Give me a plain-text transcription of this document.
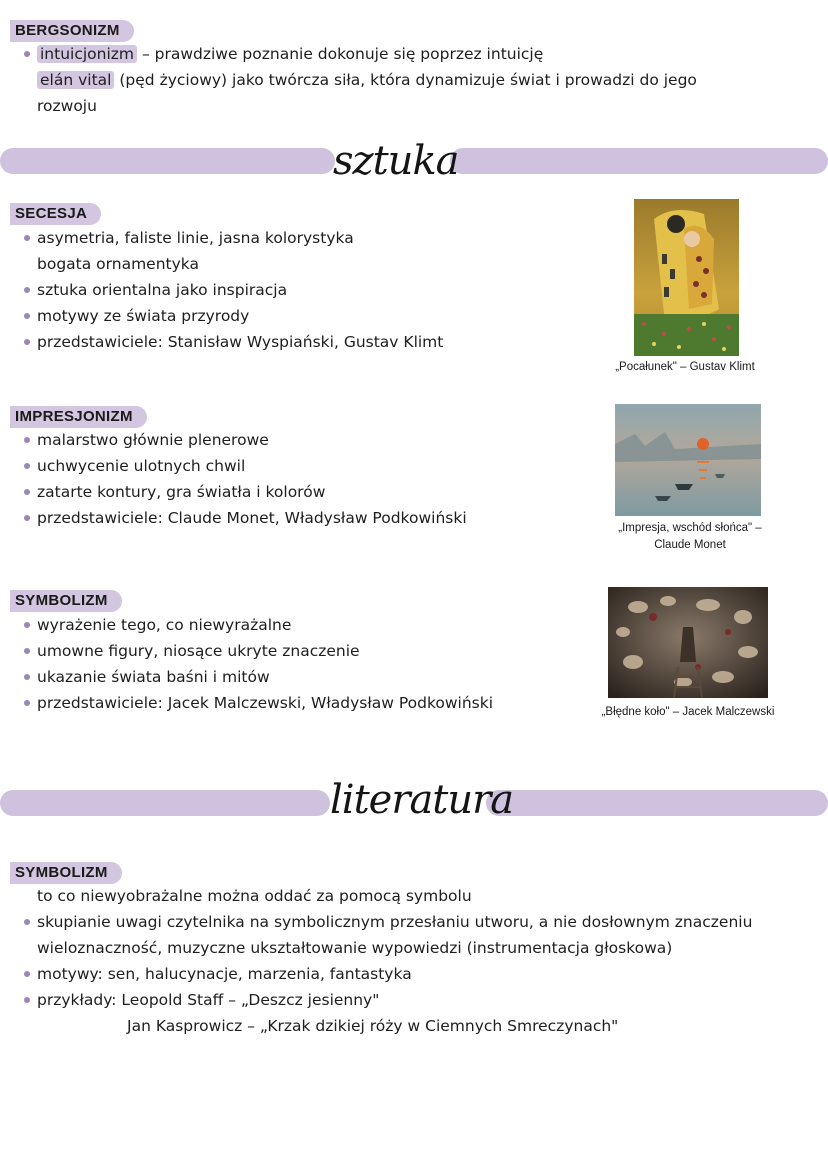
BERGSONIZM
intuicjonizm – prawdziwe poznanie dokonuje się poprzez intuicję
elán vital (pęd życiowy) jako twórcza siła, która dynamizuje świat i prowadzi do jego
rozwoju
sztuka
SECESJA
asymetria, faliste linie, jasna kolorystyka
bogata ornamentyka
sztuka orientalna jako inspiracja
motywy ze świata przyrody
przedstawiciele: Stanisław Wyspiański, Gustav Klimt
„Pocałunek" – Gustav Klimt
IMPRESJONIZM
malarstwo głównie plenerowe
uchwycenie ulotnych chwil
zatarte kontury, gra światła i kolorów
przedstawiciele: Claude Monet, Władysław Podkowiński
„Impresja, wschód słońca" –
Claude Monet
SYMBOLIZM
wyrażenie tego, co niewyrażalne
umowne figury, niosące ukryte znaczenie
ukazanie świata baśni i mitów
przedstawiciele: Jacek Malczewski, Władysław Podkowiński	„Błędne koło" – Jacek Malczewski
literatura
SYMBOLIZM
to co niewyobrażalne można oddać za pomocą symbolu
skupianie uwagi czytelnika na symbolicznym przesłaniu utworu, a nie dosłownym znaczeniu
wieloznaczność, muzyczne ukształtowanie wypowiedzi (instrumentacja głoskowa)
motywy: sen, halucynacje, marzenia, fantastyka
przykłady: Leopold Staff – „Deszcz jesienny"
Jan Kasprowicz – „Krzak dzikiej róży w Ciemnych Smreczynach"
